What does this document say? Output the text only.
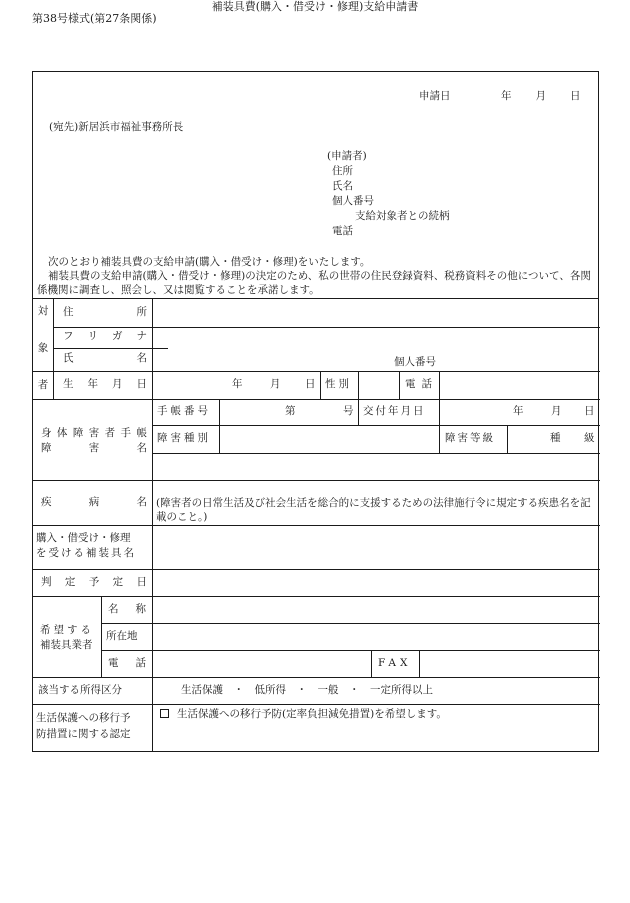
第38号様式(第27条関係)
補装具費(購入・借受け・修理)支給申請書
申請日	年 月 日
(宛先)新居浜市福祉事務所長
(申請者)
住所
氏名
個人番号
支給対象者との続柄
電話

次のとおり補装具費の支給申請(購入・借受け・修理)をいたします。

補装具費の支給申請(購入・借受け・修理)の決定のため、私の世帯の住民登録資料、税務資料その他について、各関係機関に調査し、照会し、又は閲覧することを承諾します。

対
象
者
住	所
フ リ ガ ナ
氏	名	個人番号
生 年 月 日	年	月 日 性別	電話
身 体 障 害 者 手 帳
障	害	名
手帳番号	第	号 交付年月日	年	月 日
障害種別	障害等級	種 級
疾	病	名 (障害者の日常生活及び社会生活を総合的に支援するための法律施行令に規定する疾患名を記載のこと。)
購入・借受け・修理
を受ける補装具名
判 定 予 定 日
希望する
補装具業者
名 称
所在地
電 話	FAX
該当する所得区分	生活保護　・　低所得　・　一般　・　一定所得以上
生活保護への移行予
防措置に関する認定
生活保護への移行予防(定率負担減免措置)を希望します。
